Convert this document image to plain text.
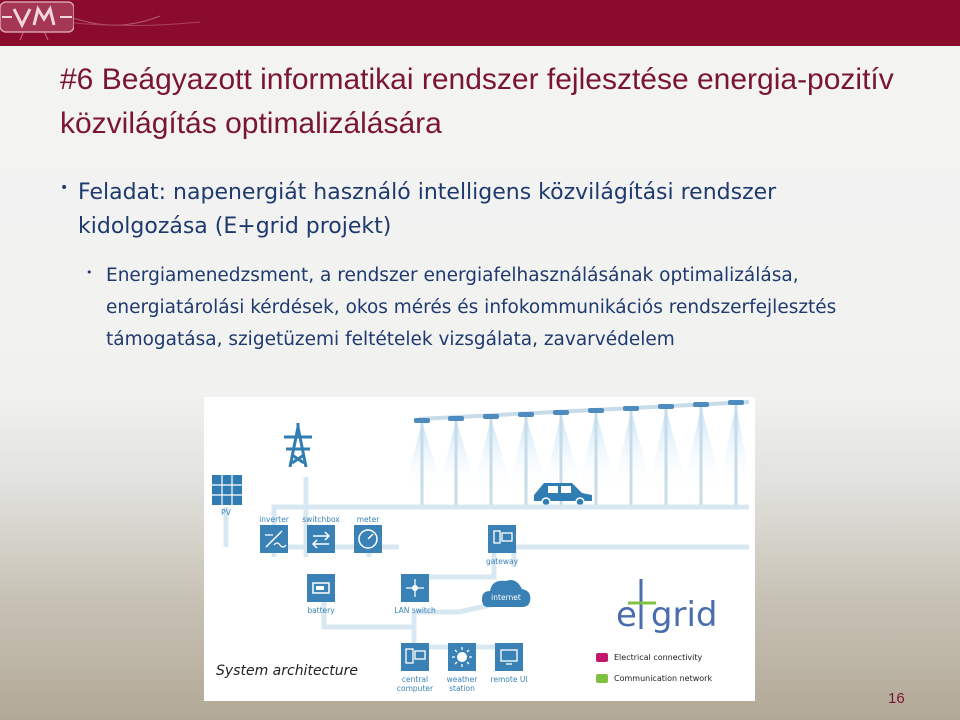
#6 Beágyazott informatikai rendszer fejlesztése energia-pozitív közvilágítás optimalizálására
• Feladat: napenergiát használó intelligens közvilágítási rendszer kidolgozása (E+grid projekt)
• Energiamenedzsment, a rendszer energiafelhasználásának optimalizálása, energiatárolási kérdések, okos mérés és infokommunikációs rendszerfejlesztés támogatása, szigetüzemi feltételek vizsgálata, zavarvédelem
PV
inverter	switchbox	meter
gateway
battery	LAN switch
internet
central computer
weather station
remote UI
System architecture
e grid
Electrical connectivity
Communication network
16
